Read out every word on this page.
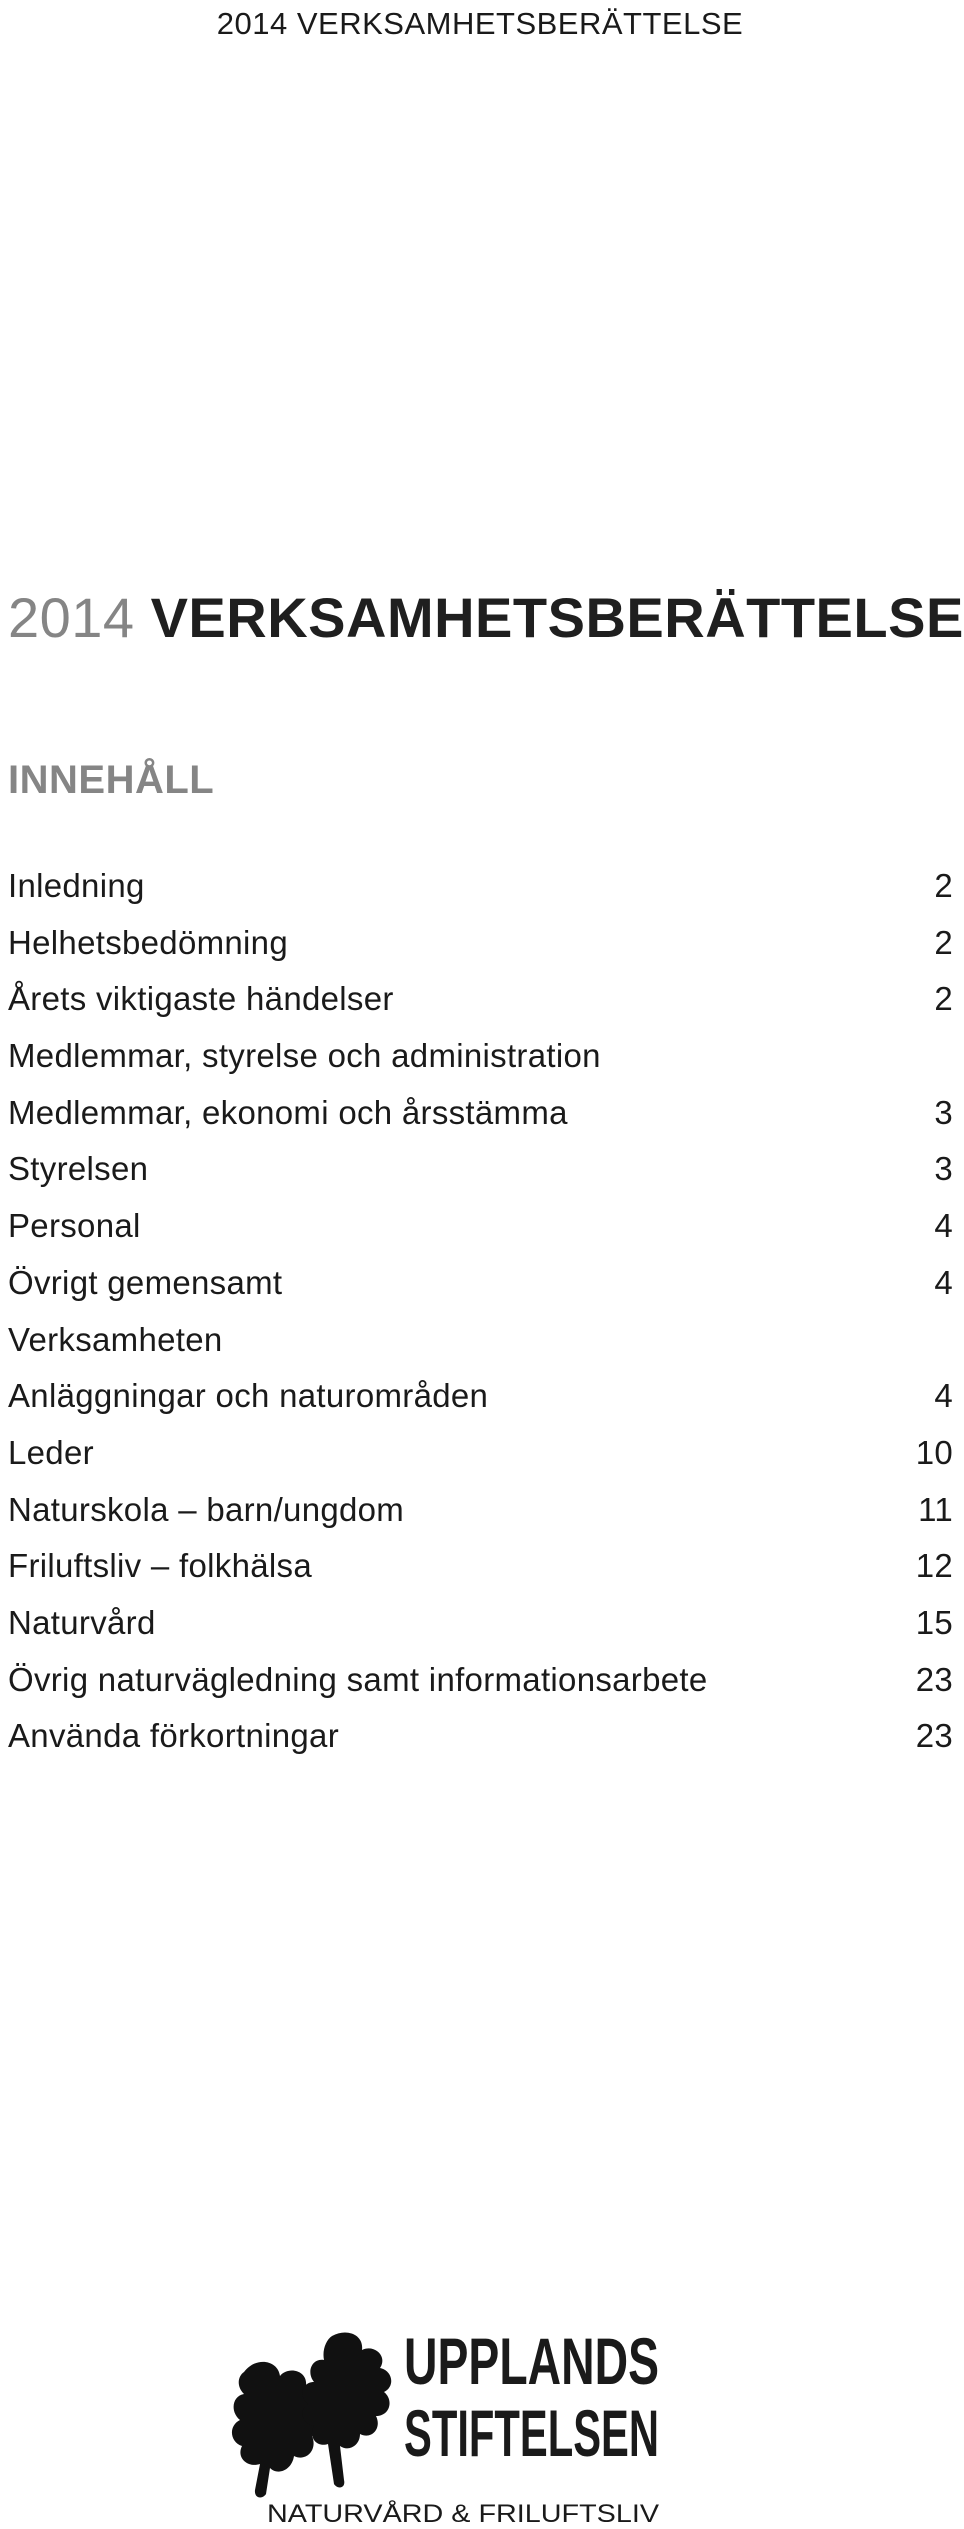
2014 VERKSAMHETSBERÄTTELSE
2014 VERKSAMHETSBERÄTTELSE
INNEHÅLL
Inledning	2
Helhetsbedömning	2
Årets viktigaste händelser	2
Medlemmar, styrelse och administration
Medlemmar, ekonomi och årsstämma	3
Styrelsen	3
Personal	4
Övrigt gemensamt	4
Verksamheten
Anläggningar och naturområden	4
Leder	10
Naturskola – barn/ungdom	11
Friluftsliv – folkhälsa	12
Naturvård	15
Övrig naturvägledning samt informationsarbete	23
Använda förkortningar	23
UPPLANDS
STIFTELSEN
NATURVÅRD & FRILUFTSLIV
